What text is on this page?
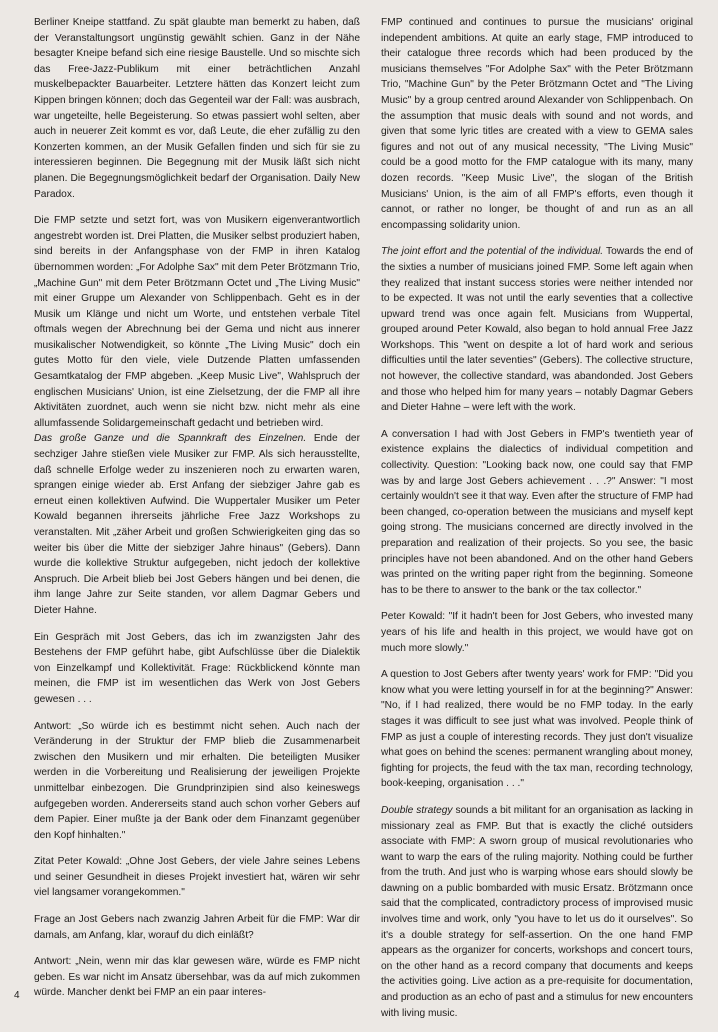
Berliner Kneipe stattfand. Zu spät glaubte man bemerkt zu haben, daß der Veranstaltungsort ungünstig gewählt schien. Ganz in der Nähe besagter Kneipe befand sich eine riesige Baustelle. Und so mischte sich das Free-Jazz-Publikum mit einer beträchtlichen Anzahl muskelbepackter Bauarbeiter. Letztere hätten das Konzert leicht zum Kippen bringen können; doch das Gegenteil war der Fall: was ausbrach, war ungeteilte, helle Begeisterung. So etwas passiert wohl selten, aber auch in neuerer Zeit kommt es vor, daß Leute, die eher zufällig zu den Konzerten kommen, an der Musik Gefallen finden und sich für sie zu interessieren beginnen. Die Begegnung mit der Musik läßt sich nicht planen. Die Begegnungsmöglichkeit bedarf der Organisation. Daily New Paradox.

Die FMP setzte und setzt fort, was von Musikern eigenverantwortlich angestrebt worden ist. Drei Platten, die Musiker selbst produziert haben, sind bereits in der Anfangsphase von der FMP in ihren Katalog übernommen worden: „For Adolphe Sax" mit dem Peter Brötzmann Trio, „Machine Gun" mit dem Peter Brötzmann Octet und „The Living Music" mit einer Gruppe um Alexander von Schlippenbach. Geht es in der Musik um Klänge und nicht um Worte, und entstehen verbale Titel oftmals wegen der Abrechnung bei der Gema und nicht aus innerer musikalischer Notwendigkeit, so könnte „The Living Music" doch ein gutes Motto für den viele, viele Dutzende Platten umfassenden Gesamtkatalog der FMP abgeben. „Keep Music Live", Wahlspruch der englischen Musicians' Union, ist eine Zielsetzung, der die FMP all ihre Aktivitäten zuordnet, auch wenn sie nicht bzw. nicht mehr als eine allumfassende Solidargemeinschaft gedacht und betrieben wird.

Das große Ganze und die Spannkraft des Einzelnen. Ende der sechziger Jahre stießen viele Musiker zur FMP. Als sich herausstellte, daß schnelle Erfolge weder zu inszenieren noch zu erwarten waren, sprangen einige wieder ab. Erst Anfang der siebziger Jahre gab es erneut einen kollektiven Aufwind. Die Wuppertaler Musiker um Peter Kowald begannen ihrerseits jährliche Free Jazz Workshops zu veranstalten. Mit „zäher Arbeit und großen Schwierigkeiten ging das so weiter bis über die Mitte der siebziger Jahre hinaus" (Gebers). Dann wurde die kollektive Struktur aufgegeben, nicht jedoch der kollektive Anspruch. Die Arbeit blieb bei Jost Gebers hängen und bei denen, die ihm lange Jahre zur Seite standen, vor allem Dagmar Gebers und Dieter Hahne.

Ein Gespräch mit Jost Gebers, das ich im zwanzigsten Jahr des Bestehens der FMP geführt habe, gibt Aufschlüsse über die Dialektik von Einzelkampf und Kollektivität. Frage: Rückblickend könnte man meinen, die FMP ist im wesentlichen das Werk von Jost Gebers gewesen . . .

Antwort: „So würde ich es bestimmt nicht sehen. Auch nach der Veränderung in der Struktur der FMP blieb die Zusammenarbeit zwischen den Musikern und mir erhalten. Die beteiligten Musiker werden in die Vorbereitung und Realisierung der jeweiligen Projekte unmittelbar einbezogen. Die Grundprinzipien sind also keineswegs aufgegeben worden. Andererseits stand auch schon vorher Gebers auf dem Papier. Einer mußte ja der Bank oder dem Finanzamt gegenüber den Kopf hinhalten."

Zitat Peter Kowald: „Ohne Jost Gebers, der viele Jahre seines Lebens und seiner Gesundheit in dieses Projekt investiert hat, wären wir sehr viel langsamer vorangekommen."

Frage an Jost Gebers nach zwanzig Jahren Arbeit für die FMP: War dir damals, am Anfang, klar, worauf du dich einläßt?

Antwort: „Nein, wenn mir das klar gewesen wäre, würde es FMP nicht geben. Es war nicht im Ansatz übersehbar, was da auf mich zukommen würde. Mancher denkt bei FMP an ein paar interes-

FMP continued and continues to pursue the musicians' original independent ambitions. At quite an early stage, FMP introduced to their catalogue three records which had been produced by the musicians themselves "For Adolphe Sax" with the Peter Brötzmann Trio, "Machine Gun" by the Peter Brötzmann Octet and "The Living Music" by a group centred around Alexander von Schlippenbach. On the assumption that music deals with sound and not words, and given that some lyric titles are created with a view to GEMA sales figures and not out of any musical necessity, "The Living Music" could be a good motto for the FMP catalogue with its many, many dozen records. "Keep Music Live", the slogan of the British Musicians' Union, is the aim of all FMP's efforts, even though it cannot, or rather no longer, be thought of and run as an all encompassing solidarity union.

The joint effort and the potential of the individual. Towards the end of the sixties a number of musicians joined FMP. Some left again when they realized that instant success stories were neither intended nor to be expected. It was not until the early seventies that a collective upward trend was once again felt. Musicians from Wuppertal, grouped around Peter Kowald, also began to hold annual Free Jazz Workshops. This "went on despite a lot of hard work and serious difficulties until the later seventies" (Gebers). The collective structure, not however, the collective standard, was abandonded. Jost Gebers and those who helped him for many years – notably Dagmar Gebers and Dieter Hahne – were left with the work.

A conversation I had with Jost Gebers in FMP's twentieth year of existence explains the dialectics of individual competition and collectivity. Question: "Looking back now, one could say that FMP was by and large Jost Gebers achievement . . .?" Answer: "I most certainly wouldn't see it that way. Even after the structure of FMP had been changed, co-operation between the musicians and myself kept going strong. The musicians concerned are directly involved in the preparation and realization of their projects. So you see, the basic principles have not been abandoned. And on the other hand Gebers was printed on the writing paper right from the beginning. Someone has to be there to answer to the bank or the tax collector."

Peter Kowald: "If it hadn't been for Jost Gebers, who invested many years of his life and health in this project, we would have got on much more slowly."

A question to Jost Gebers after twenty years' work for FMP: "Did you know what you were letting yourself in for at the beginning?" Answer: "No, if I had realized, there would be no FMP today. In the early stages it was difficult to see just what was involved. People think of FMP as just a couple of interesting records. They just don't visualize what goes on behind the scenes: permanent wrangling about money, fighting for projects, the feud with the tax man, recording technology, book-keeping, organisation . . ."

Double strategy sounds a bit militant for an organisation as lacking in missionary zeal as FMP. But that is exactly the cliché outsiders associate with FMP: A sworn group of musical revolutionaries who want to warp the ears of the ruling majority. Nothing could be further from the truth. And just who is warping whose ears should slowly be dawning on a public bombarded with music Ersatz. Brötzmann once said that the complicated, contradictory process of improvised music involves time and work, only "you have to let us do it ourselves". So it's a double strategy for self-assertion. On the one hand FMP appears as the organizer for concerts, workshops and concert tours, on the other hand as a record company that documents and keeps the activities going. Live action as a pre-requisite for documentation, and production as an echo of past and a stimulus for new encounters with living music.

4
